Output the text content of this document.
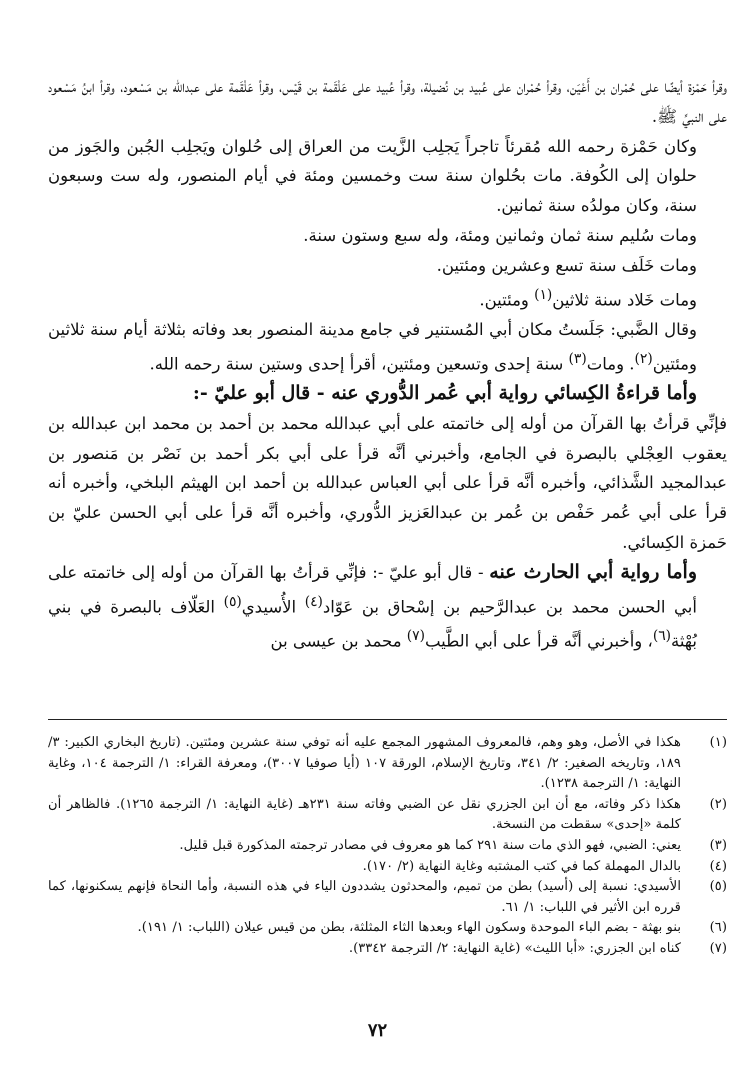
وقرأ حَمْزة أيضًا على حُمْران بن أَعْيَن، وقرأ حُمْران على عُبيد بن نُضيلة، وقرأ عُبيد على عَلْقَمة بن قَيْس، وقرأ عَلْقَمة على عبدالله بن مَسْعود، وقرأ ابنُ مَسْعود على النبيِّ ﷺ.

وكان حَمْزة رحمه الله مُقرئاً تاجراً يَجلِب الزَّيت من العراق إلى حُلوان ويَجلِب الجُبن والجَوز من حلوان إلى الكُوفة. مات بحُلوان سنة ست وخمسين ومئة في أيام المنصور، وله ست وسبعون سنة، وكان مولدُه سنة ثمانين.

ومات سُليم سنة ثمان وثمانين ومئة، وله سبع وستون سنة.

ومات خَلَف سنة تسع وعشرين ومئتين.

ومات خَلاد سنة ثلاثين$^{(١)}$ ومئتين.

وقال الضَّبي: جَلَستُ مكان أبي المُستنير في جامع مدينة المنصور بعد وفاته بثلاثة أيام سنة ثلاثين ومئتين$^{(٢)}$. ومات$^{(٣)}$ سنة إحدى وتسعين ومئتين، أقرأ إحدى وستين سنة رحمه الله.

وأما قراءةُ الكِسائي رواية أبي عُمر الدُّوري عنه - قال أبو عليّ -:

فإنِّي قرأتُ بها القرآن من أوله إلى خاتمته على أبي عبدالله محمد بن أحمد بن محمد ابن عبدالله بن يعقوب العِجْلي بالبصرة في الجامع، وأخبرني أنَّه قرأ على أبي بكر أحمد بن نَصْر بن مَنصور بن عبدالمجيد الشَّذائي، وأخبره أنَّه قرأ على أبي العباس عبدالله بن أحمد ابن الهيثم البلخي، وأخبره أنه قرأ على أبي عُمر حَفْص بن عُمر بن عبدالعَزيز الدُّوري، وأخبره أنَّه قرأ على أبي الحسن عليّ بن حَمزة الكِسائي.

وأما رواية أبي الحارث عنه - قال أبو عليّ -: فإنِّي قرأتُ بها القرآن من أوله إلى خاتمته على أبي الحسن محمد بن عبدالرَّحيم بن إسْحاق بن عَوّاد$^{(٤)}$ الأُسيدي$^{(٥)}$ العَلّاف بالبصرة في بني بُهْثة$^{(٦)}$، وأخبرني أنَّه قرأ على أبي الطَّيب$^{(٧)}$ محمد بن عيسى بن

(١)
هكذا في الأصل، وهو وهم، فالمعروف المشهور المجمع عليه أنه توفي سنة عشرين ومئتين. (تاريخ البخاري الكبير: ٣/ ١٨٩، وتاريخه الصغير: ٢/ ٣٤١، وتاريخ الإسلام، الورقة ١٠٧ (أيا صوفيا ٣٠٠٧)، ومعرفة القراء: ١/ الترجمة ١٠٤، وغاية النهاية: ١/ الترجمة ١٢٣٨).
(٢)
هكذا ذكر وفاته، مع أن ابن الجزري نقل عن الضبي وفاته سنة ٢٣١هـ (غاية النهاية: ١/ الترجمة ١٢٦٥). فالظاهر أن كلمة «إحدى» سقطت من النسخة.
(٣)
يعني: الضبي، فهو الذي مات سنة ٢٩١ كما هو معروف في مصادر ترجمته المذكورة قبل قليل.
(٤)
بالدال المهملة كما في كتب المشتبه وغاية النهاية (٢/ ١٧٠).
(٥)
الأسيدي: نسبة إلى (أسيد) بطن من تميم، والمحدثون يشددون الياء في هذه النسبة، وأما النحاة فإنهم يسكنونها، كما قرره ابن الأثير في اللباب: ١/ ٦١.
(٦)
بنو بهثة - بضم الباء الموحدة وسكون الهاء وبعدها الثاء المثلثة، بطن من قيس عيلان (اللباب: ١/ ١٩١).
(٧)
كناه ابن الجزري: «أبا الليث» (غاية النهاية: ٢/ الترجمة ٣٣٤٢).
٧٢
